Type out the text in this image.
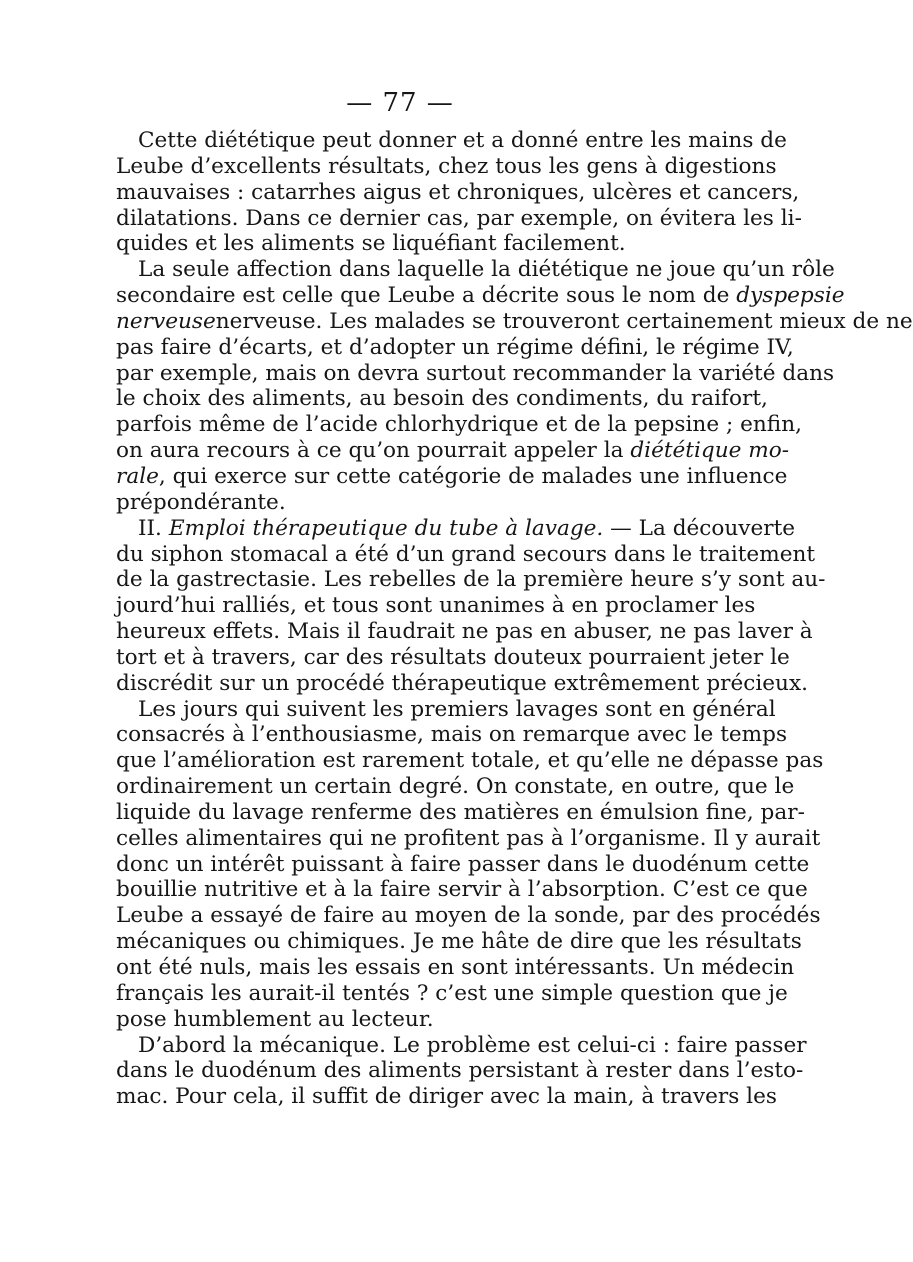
— 77 —
Cette diététique peut donner et a donné entre les mains de
Leube d’excellents résultats, chez tous les gens à digestions
mauvaises : catarrhes aigus et chroniques, ulcères et cancers,
dilatations. Dans ce dernier cas, par exemple, on évitera les li-
quides et les aliments se liquéfiant facilement.
La seule affection dans laquelle la diététique ne joue qu’un rôle
secondaire est celle que Leube a décrite sous le nom de dyspepsie
nerveusenerveuse. Les malades se trouveront certainement mieux de ne
pas faire d’écarts, et d’adopter un régime défini, le régime IV,
par exemple, mais on devra surtout recommander la variété dans
le choix des aliments, au besoin des condiments, du raifort,
parfois même de l’acide chlorhydrique et de la pepsine ; enfin,
on aura recours à ce qu’on pourrait appeler la diététique mo-
rale, qui exerce sur cette catégorie de malades une influence
prépondérante.
II. Emploi thérapeutique du tube à lavage. — La découverte
du siphon stomacal a été d’un grand secours dans le traitement
de la gastrectasie. Les rebelles de la première heure s’y sont au-
jourd’hui ralliés, et tous sont unanimes à en proclamer les
heureux effets. Mais il faudrait ne pas en abuser, ne pas laver à
tort et à travers, car des résultats douteux pourraient jeter le
discrédit sur un procédé thérapeutique extrêmement précieux.
Les jours qui suivent les premiers lavages sont en général
consacrés à l’enthousiasme, mais on remarque avec le temps
que l’amélioration est rarement totale, et qu’elle ne dépasse pas
ordinairement un certain degré. On constate, en outre, que le
liquide du lavage renferme des matières en émulsion fine, par-
celles alimentaires qui ne profitent pas à l’organisme. Il y aurait
donc un intérêt puissant à faire passer dans le duodénum cette
bouillie nutritive et à la faire servir à l’absorption. C’est ce que
Leube a essayé de faire au moyen de la sonde, par des procédés
mécaniques ou chimiques. Je me hâte de dire que les résultats
ont été nuls, mais les essais en sont intéressants. Un médecin
français les aurait-il tentés ? c’est une simple question que je
pose humblement au lecteur.
D’abord la mécanique. Le problème est celui-ci : faire passer
dans le duodénum des aliments persistant à rester dans l’esto-
mac. Pour cela, il suffit de diriger avec la main, à travers les
